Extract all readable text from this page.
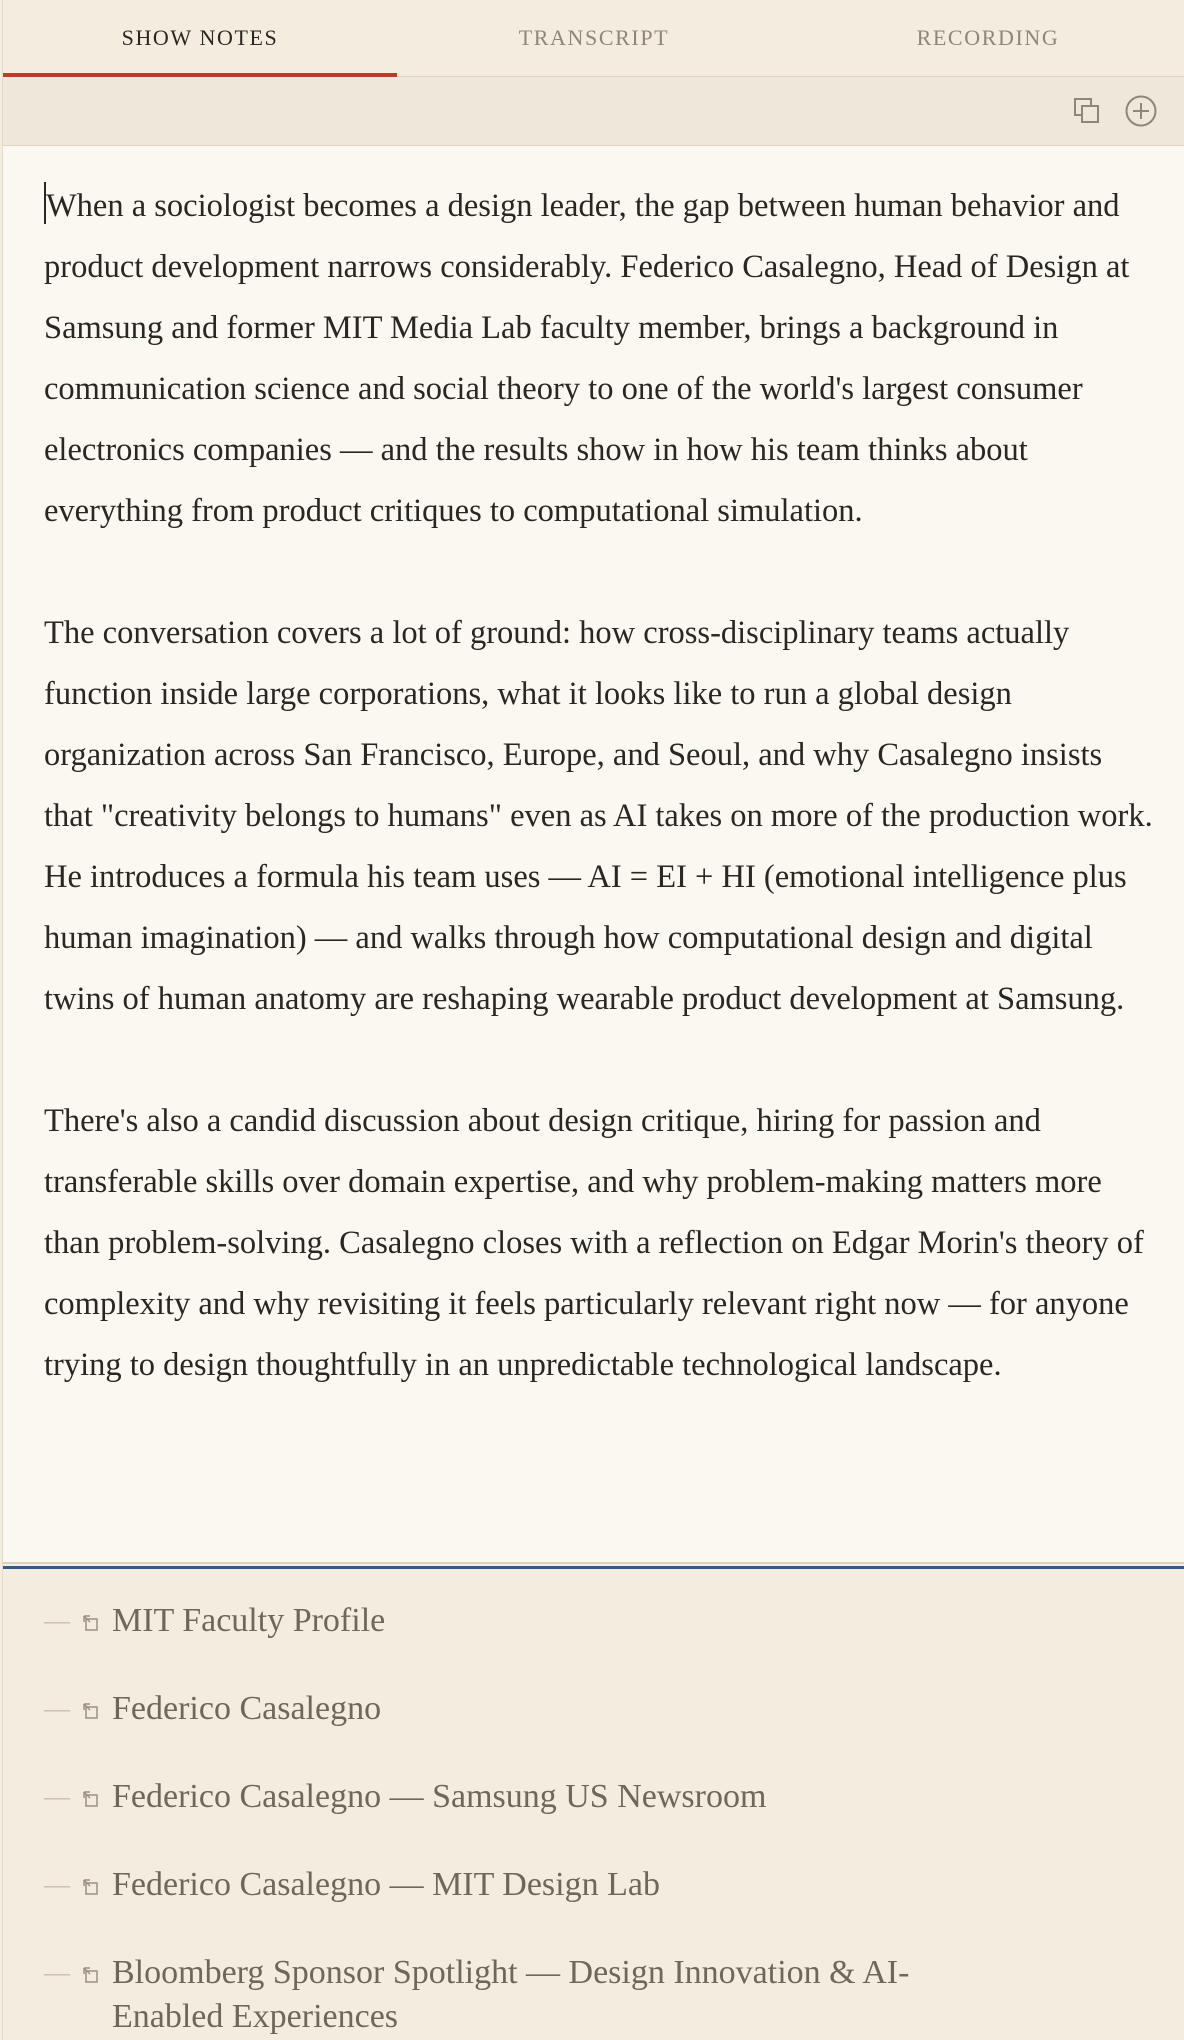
SHOW NOTES	TRANSCRIPT	RECORDING

When a sociologist becomes a design leader, the gap between human behavior and product development narrows considerably. Federico Casalegno, Head of Design at Samsung and former MIT Media Lab faculty member, brings a background in communication science and social theory to one of the world's largest consumer electronics companies — and the results show in how his team thinks about everything from product critiques to computational simulation.

The conversation covers a lot of ground: how cross-disciplinary teams actually function inside large corporations, what it looks like to run a global design organization across San Francisco, Europe, and Seoul, and why Casalegno insists that "creativity belongs to humans" even as AI takes on more of the production work. He introduces a formula his team uses — AI = EI + HI (emotional intelligence plus human imagination) — and walks through how computational design and digital twins of human anatomy are reshaping wearable product development at Samsung.

There's also a candid discussion about design critique, hiring for passion and transferable skills over domain expertise, and why problem-making matters more than problem-solving. Casalegno closes with a reflection on Edgar Morin's theory of complexity and why revisiting it feels particularly relevant right now — for anyone trying to design thoughtfully in an unpredictable technological landscape.

—	MIT Faculty Profile
—	Federico Casalegno
—	Federico Casalegno — Samsung US Newsroom
—	Federico Casalegno — MIT Design Lab
—	Bloomberg Sponsor Spotlight — Design Innovation & AI-Enabled Experiences
